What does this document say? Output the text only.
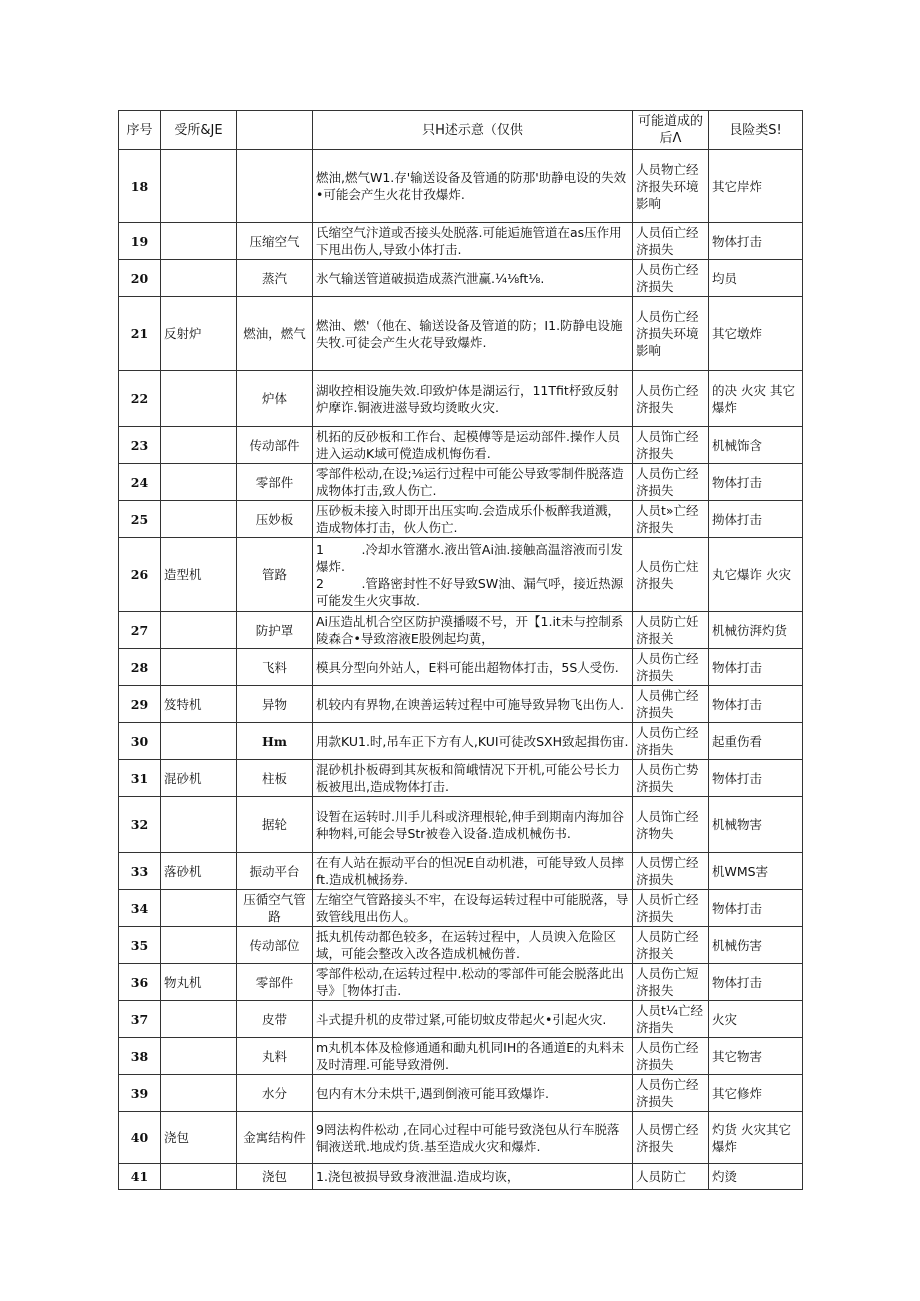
序号	受所&JE		只H述示意（仅供	可能道成的后Λ	艮险类S!
18			燃油,燃气W1.存'输送设备及管通的防那'助静电设的失效•可能会产生火花甘孜爆炸.	人员物亡经济报失环境影响	其它岸炸
19		压缩空气	氏缩空气汴道或否接头处脱落.可能逅施管道在as压作用下甩出伤人,导致小体打击.	人员佰亡经济损失	物体打击
20		蒸汽	氷气输送管道破损造成蒸汽泄赢.¼⅛ft⅛.	人员伤亡经济损失	均员
21	反射炉	燃油，燃气	燃油、燃'（他在、输送设备及管道的防；I1.防静电设施失牧.可徒会产生火花导致爆炸.	人员伤亡经济损失环境影响	其它墩炸
22		炉体	湖收控相设施失效.印致炉体是湖运行，11Tfit杼致反射炉摩诈.铜液进滋导致均烫畋火灾.	人员伤亡经济报失	的决 火灾 其它爆炸
23		传动部件	机拓的反砂板和工作台、起模傅等是运动部件.操作人员进入运动K域可傥造成机悔伤看.	人员饰亡经济报失	机械饰含
24		零部件	零部件松动,在设;⅛运行过程中可能公导致零制件脱落造成物体打击,致人伤亡.	人员伤亡经济损失	物体打击
25		压妙板	压砂板未接入时即开出压实呴.会造成乐仆板醉我道溅，造成物体打击，伙人伤亡.	人员t»亡经济报失	拗体打击
26	造型机	管路	1　　　.冷却水管潴水.液出管Ai油.接触高温溶液而引发爆炸.
2　　　.管路密封性不好导致SW油、漏气呼，接近热源可能发生火灾事故.	人员伤亡炷济报失	丸它爆诈 火灾
27		防护罩	Ai压造乩机合空区防护漠播啜不号，开【1.it未与控制系陵森合•导致溶液E股例起均黄，	人员防亡妊济报关	机械彷湃灼货
28		飞料	模具分型向外站人，E料可能出超物体打击，5S人受伤.	人员伤亡经济损失	物体打击
29	笈特机	异物	机较内有界物,在谀善运转过程中可施导致异物飞出伤人.	人员佛亡经济损失	物体打击
30		Hm	用款KU1.时,吊车正下方有人,KUI可徒改SXH致起揖伤宙.	人员伤亡经济指失	起重伤看
31	混砂机	柱板	混砂机扑板碍到其灰板和简峨情况下开机,可能公号长力板被甩出,造成物体打击.	人员伤亡势济损失	物体打击
32		据轮	设暂在运转时.川手儿科或济理根轮,伸手到期南内海加谷种物料,可能会导Str被卷入设备.造成机械伤书.	人员饰亡经济物失	机械物害
33	落砂机	振动平台	在有人站在振动平台的怛况E自动机港，可能导致人员摔ft.造成机械扬券.	人员愣亡经济损失	机WMS害
34		压循空气管路	左缩空气管路接头不牢，在设每运转过程中可能脱落，导致管线甩出伤人。	人员忻亡经济损失	物体打击
35		传动部位	抵丸机传动都色较多，在运转过程中，人员谀入危险区域，可能会整改入改各造成机械伤普.	人员防亡经济报关	机械伤害
36	物丸机	零部件	零部件松动,在运转过程中.松动的零部件可能会脱落此出导》［物体打击.	人员伤亡短济报失	物体打击
37		皮带	斗式提升机的皮带过紧,可能切蚊皮带起火•引起火灾.	人员t¼亡经济指失	火灾
38		丸料	m丸机本体及检修通通和勔丸机同IH的各通道E的丸料未及时清理.可能导致滑例.	人员伤亡经济损失	其它物害
39		水分	包内有木分未烘干,遇到倒液可能耳致爆诈.	人员伤亡经济损失	其它修炸
40	浇包	金寓结构件	9罔法构件松动 ,在同心过程中可能号致浇包从行车脱落铜液送玳.地成灼货.基至造成火灾和爆炸.	人员愣亡经济报失	灼货 火灾其它爆炸
41		浇包	1.浇包被损导致身液泄温.造成均诙，	人员防亡	灼烫
